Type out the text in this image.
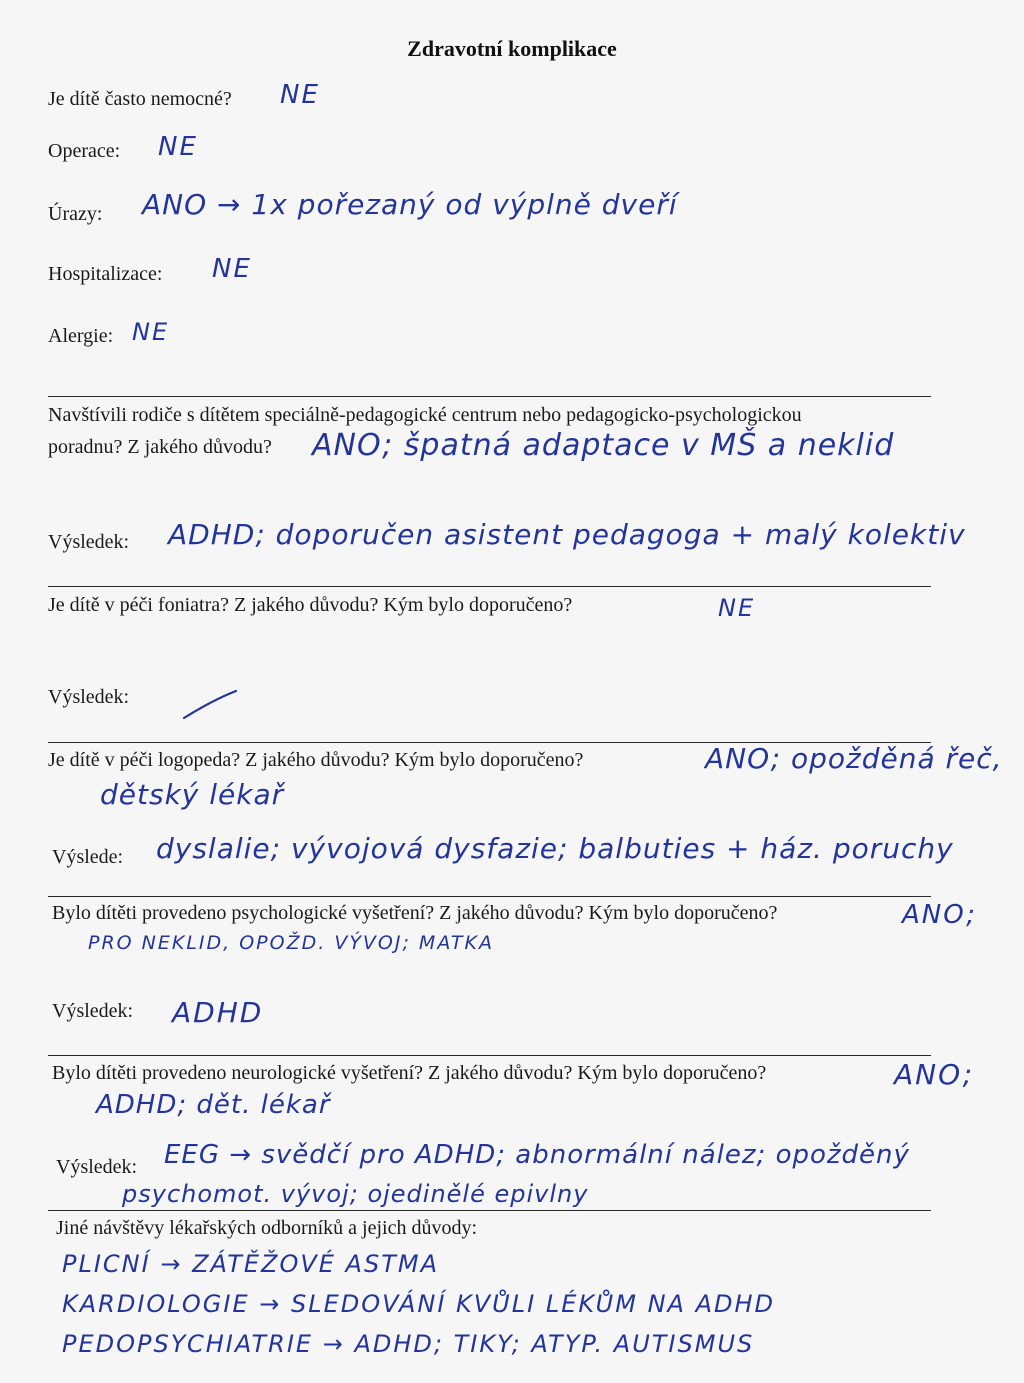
Zdravotní komplikace
Je dítě často nemocné? NE
Operace: NE
Úrazy: ANO → 1x pořezaný od výplně dveří
Hospitalizace: NE
Alergie: NE
Navštívili rodiče s dítětem speciálně-pedagogické centrum nebo pedagogicko-psychologickou
poradnu? Z jakého důvodu? ANO; špatná adaptace v MŠ a neklid
Výsledek: ADHD; doporučen asistent pedagoga + malý kolektiv
Je dítě v péči foniatra? Z jakého důvodu? Kým bylo doporučeno?	NE
Výsledek:
Je dítě v péči logopeda? Z jakého důvodu? Kým bylo doporučeno?	ANO; opožděná řeč,
dětský lékař
Výslede: dyslalie; vývojová dysfazie; balbuties + ház. poruchy
Bylo dítěti provedeno psychologické vyšetření? Z jakého důvodu? Kým bylo doporučeno?	ANO;
PRO NEKLID, OPOŽD. VÝVOJ; MATKA
Výsledek: ADHD
Bylo dítěti provedeno neurologické vyšetření? Z jakého důvodu? Kým bylo doporučeno?	ANO;
ADHD; dět. lékař
Výsledek: EEG → svědčí pro ADHD; abnormální nález; opožděný
psychomot. vývoj; ojedinělé epivlny
Jiné návštěvy lékařských odborníků a jejich důvody:
PLICNÍ → ZÁTĚŽOVÉ ASTMA
KARDIOLOGIE → SLEDOVÁNÍ KVŮLI LÉKŮM NA ADHD
PEDOPSYCHIATRIE → ADHD; TIKY; ATYP. AUTISMUS
